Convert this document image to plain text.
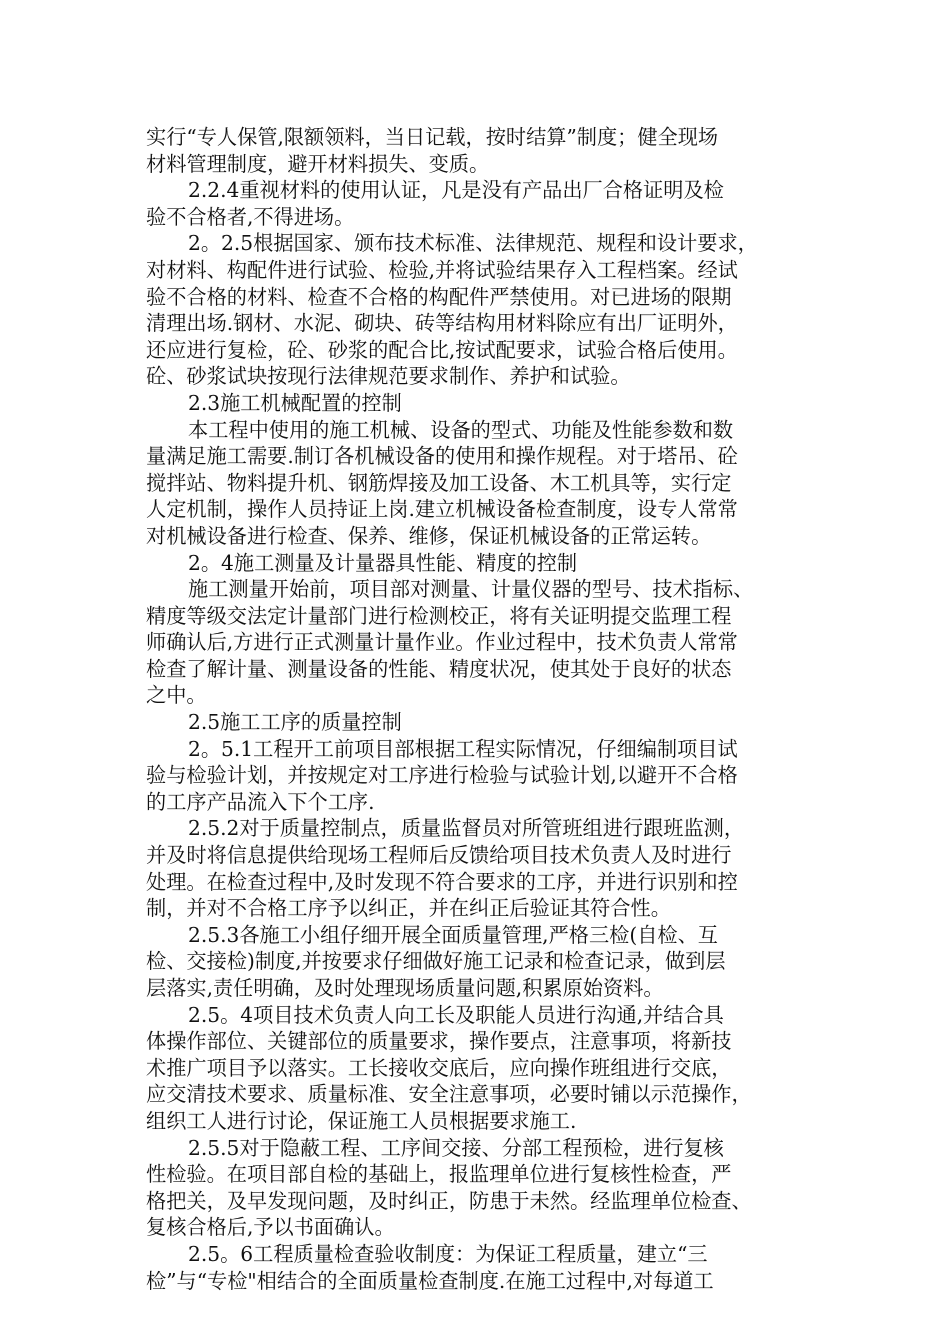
实行“专人保管,限额领料，当日记载，按时结算”制度；健全现场
材料管理制度，避开材料损失、变质。
2.2.4重视材料的使用认证，凡是没有产品出厂合格证明及检
验不合格者,不得进场。
2。2.5根据国家、颁布技术标准、法律规范、规程和设计要求，
对材料、构配件进行试验、检验,并将试验结果存入工程档案。经试
验不合格的材料、检查不合格的构配件严禁使用。对已进场的限期
清理出场.钢材、水泥、砌块、砖等结构用材料除应有出厂证明外，
还应进行复检，砼、砂浆的配合比,按试配要求，试验合格后使用。
砼、砂浆试块按现行法律规范要求制作、养护和试验。
2.3施工机械配置的控制
本工程中使用的施工机械、设备的型式、功能及性能参数和数
量满足施工需要.制订各机械设备的使用和操作规程。对于塔吊、砼
搅拌站、物料提升机、钢筋焊接及加工设备、木工机具等，实行定
人定机制，操作人员持证上岗.建立机械设备检查制度，设专人常常
对机械设备进行检查、保养、维修，保证机械设备的正常运转。
2。4施工测量及计量器具性能、精度的控制
施工测量开始前，项目部对测量、计量仪器的型号、技术指标、
精度等级交法定计量部门进行检测校正，将有关证明提交监理工程
师确认后,方进行正式测量计量作业。作业过程中，技术负责人常常
检查了解计量、测量设备的性能、精度状况，使其处于良好的状态
之中。
2.5施工工序的质量控制
2。5.1工程开工前项目部根据工程实际情况，仔细编制项目试
验与检验计划，并按规定对工序进行检验与试验计划,以避开不合格
的工序产品流入下个工序.
2.5.2对于质量控制点，质量监督员对所管班组进行跟班监测，
并及时将信息提供给现场工程师后反馈给项目技术负责人及时进行
处理。在检查过程中,及时发现不符合要求的工序，并进行识别和控
制，并对不合格工序予以纠正，并在纠正后验证其符合性。
2.5.3各施工小组仔细开展全面质量管理,严格三检(自检、互
检、交接检)制度,并按要求仔细做好施工记录和检查记录，做到层
层落实,责任明确，及时处理现场质量问题,积累原始资料。
2.5。4项目技术负责人向工长及职能人员进行沟通,并结合具
体操作部位、关键部位的质量要求，操作要点，注意事项，将新技
术推广项目予以落实。工长接收交底后，应向操作班组进行交底，
应交清技术要求、质量标准、安全注意事项，必要时铺以示范操作，
组织工人进行讨论，保证施工人员根据要求施工.
2.5.5对于隐蔽工程、工序间交接、分部工程预检，进行复核
性检验。在项目部自检的基础上，报监理单位进行复核性检查，严
格把关，及早发现问题，及时纠正，防患于未然。经监理单位检查、
复核合格后,予以书面确认。
2.5。6工程质量检查验收制度：为保证工程质量，建立“三
检”与“专检"相结合的全面质量检查制度.在施工过程中,对每道工
